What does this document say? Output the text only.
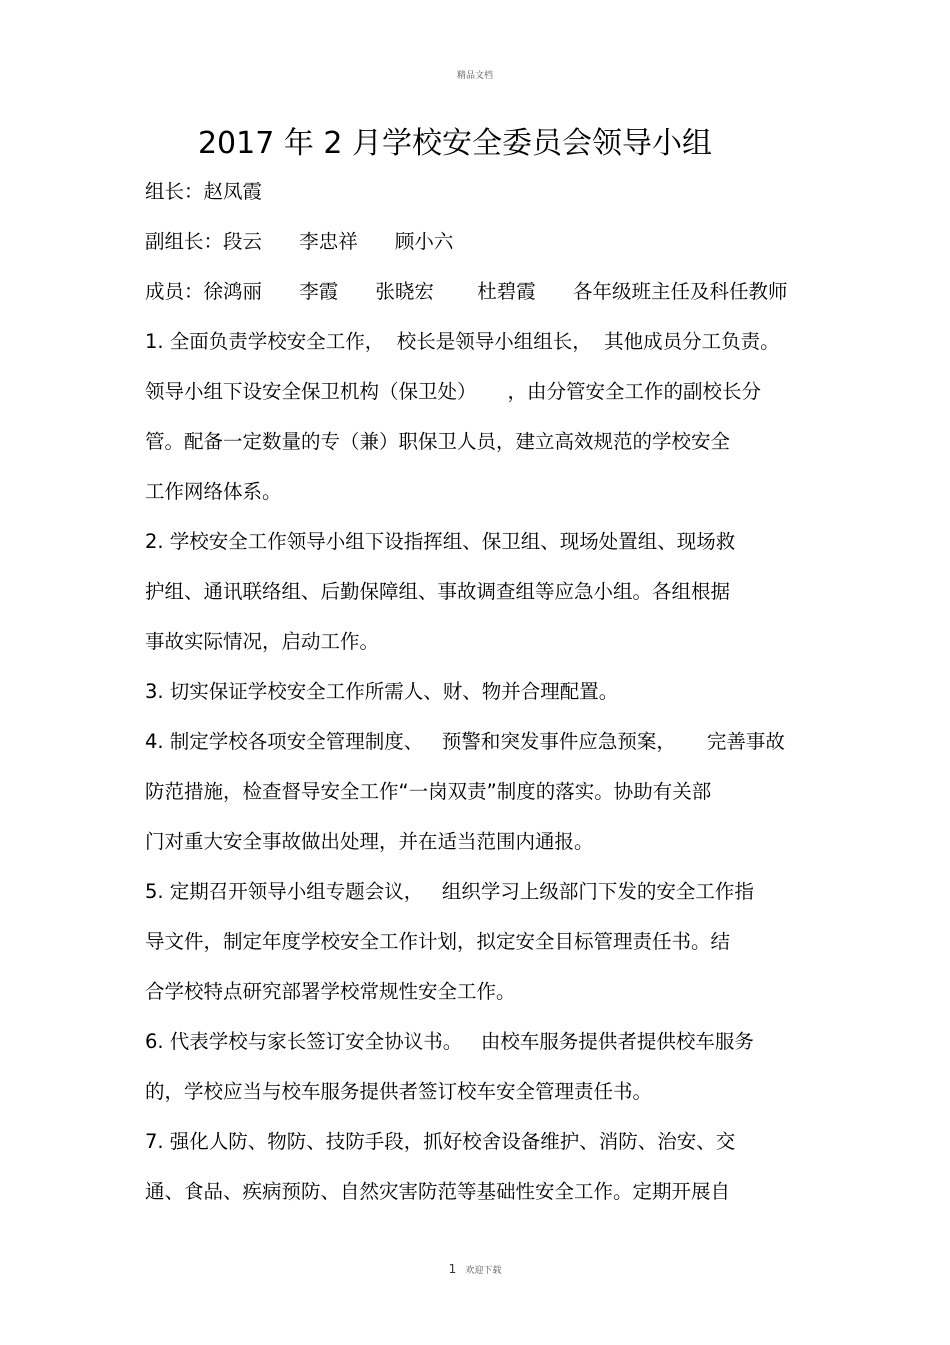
精品文档
2017 年 2 月学校安全委员会领导小组
组长：赵凤霞
副组长：段云      李忠祥      顾小六
成员：徐鸿丽      李霞      张晓宏       杜碧霞      各年级班主任及科任教师
1. 全面负责学校安全工作，  校长是领导小组组长，  其他成员分工负责。
领导小组下设安全保卫机构（保卫处）     ，由分管安全工作的副校长分
管。配备一定数量的专（兼）职保卫人员，建立高效规范的学校安全
工作网络体系。
2. 学校安全工作领导小组下设指挥组、保卫组、现场处置组、现场救
护组、通讯联络组、后勤保障组、事故调查组等应急小组。各组根据
事故实际情况，启动工作。
3. 切实保证学校安全工作所需人、财、物并合理配置。
4. 制定学校各项安全管理制度、   预警和突发事件应急预案，     完善事故
防范措施，检查督导安全工作“一岗双责”制度的落实。协助有关部
门对重大安全事故做出处理，并在适当范围内通报。
5. 定期召开领导小组专题会议，   组织学习上级部门下发的安全工作指
导文件，制定年度学校安全工作计划，拟定安全目标管理责任书。结
合学校特点研究部署学校常规性安全工作。
6. 代表学校与家长签订安全协议书。   由校车服务提供者提供校车服务
的，学校应当与校车服务提供者签订校车安全管理责任书。
7. 强化人防、物防、技防手段，抓好校舍设备维护、消防、治安、交
通、食品、疾病预防、自然灾害防范等基础性安全工作。定期开展自
1 欢迎下载
